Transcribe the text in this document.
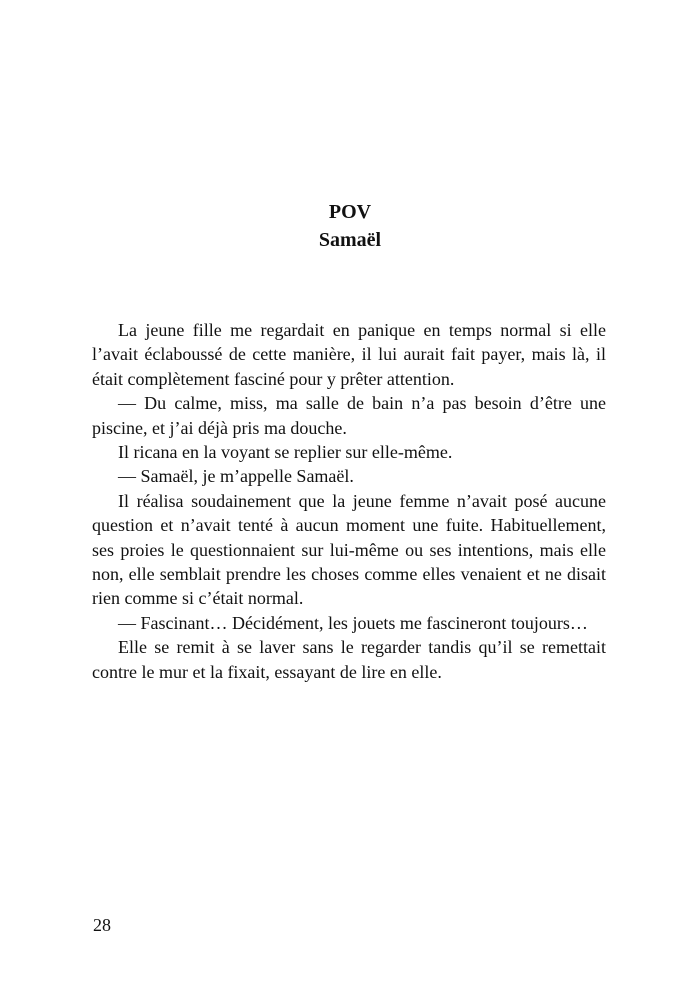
POV
Samaël

La jeune fille me regardait en panique en temps normal si elle l’avait éclaboussé de cette manière, il lui aurait fait payer, mais là, il était complètement fasciné pour y prêter attention.

— Du calme, miss, ma salle de bain n’a pas besoin d’être une piscine, et j’ai déjà pris ma douche.

Il ricana en la voyant se replier sur elle-même.

— Samaël, je m’appelle Samaël.

Il réalisa soudainement que la jeune femme n’avait posé aucune question et n’avait tenté à aucun moment une fuite. Habituellement, ses proies le questionnaient sur lui-même ou ses intentions, mais elle non, elle semblait prendre les choses comme elles venaient et ne disait rien comme si c’était normal.

— Fascinant… Décidément, les jouets me fascineront toujours…

Elle se remit à se laver sans le regarder tandis qu’il se remettait contre le mur et la fixait, essayant de lire en elle.

28
